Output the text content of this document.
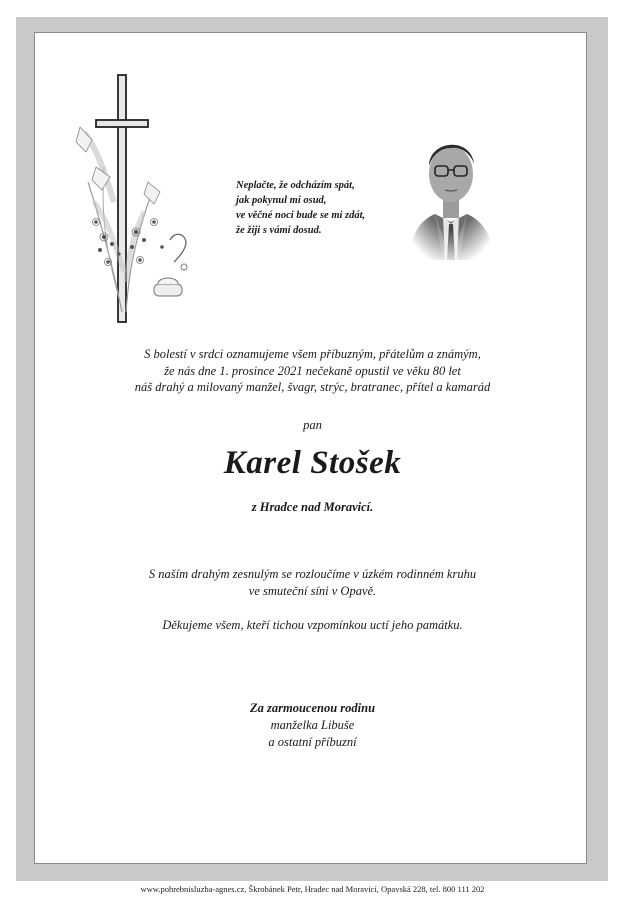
Neplačte, že odcházím spát,
jak pokynul mi osud,
ve věčné noci bude se mi zdát,
že žiji s vámi dosud.
S bolestí v srdci oznamujeme všem příbuzným, přátelům a známým,
že nás dne 1. prosince 2021 nečekaně opustil ve věku 80 let
náš drahý a milovaný manžel, švagr, strýc, bratranec, přítel a kamarád
pan
Karel Stošek
z Hradce nad Moravicí.
S naším drahým zesnulým se rozloučíme v úzkém rodinném kruhu
ve smuteční síni v Opavě.
Děkujeme všem, kteří tichou vzpomínkou uctí jeho památku.
Za zarmoucenou rodinu
manželka Libuše
a ostatní příbuzní
www.pohrebnisluzba-agnes.cz, Škrobánek Petr, Hradec nad Moravicí, Opavská 228, tel. 800 111 202
